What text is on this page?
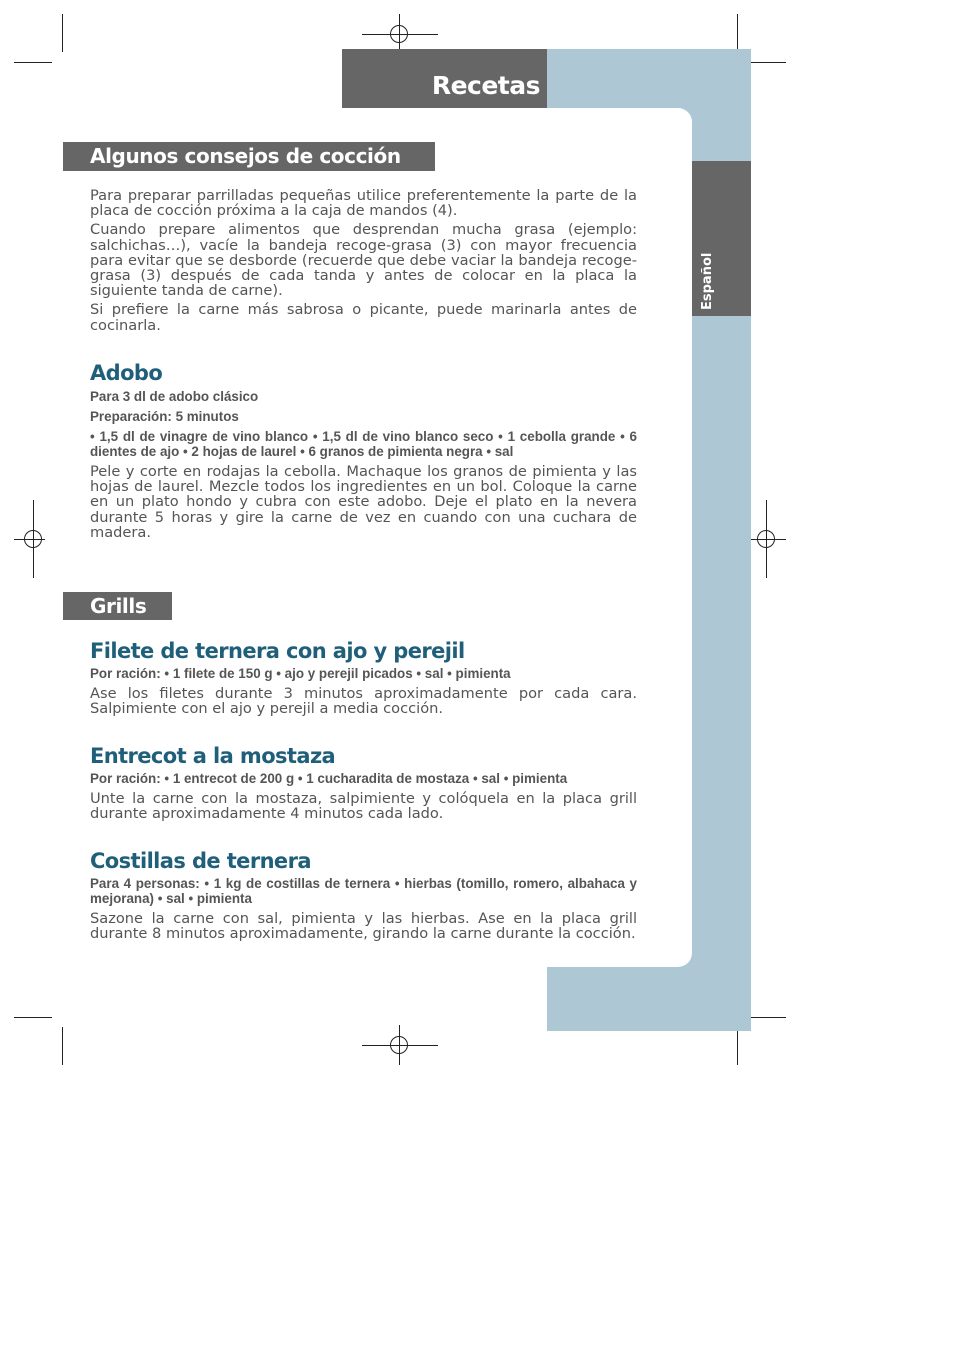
Recetas
Español
Algunos consejos de cocción

Para preparar parrilladas pequeñas utilice preferentemente la parte de la placa de cocción próxima a la caja de mandos (4).

Cuando prepare alimentos que desprendan mucha grasa (ejemplo: salchichas…), vacíe la bandeja recoge-grasa (3) con mayor frecuencia para evitar que se desborde (recuerde que debe vaciar la bandeja recoge-grasa (3) después de cada tanda y antes de colocar en la placa la siguiente tanda de carne).

Si prefiere la carne más sabrosa o picante, puede marinarla antes de cocinarla.

Adobo
Para 3 dl de adobo clásico
Preparación: 5 minutos
• 1,5 dl de vinagre de vino blanco • 1,5 dl de vino blanco seco • 1 cebolla grande • 6 dientes de ajo • 2 hojas de laurel • 6 granos de pimienta negra • sal
Pele y corte en rodajas la cebolla. Machaque los granos de pimienta y las hojas de laurel. Mezcle todos los ingredientes en un bol. Coloque la carne en un plato hondo y cubra con este adobo. Deje el plato en la nevera durante 5 horas y gire la carne de vez en cuando con una cuchara de madera.
Grills
Filete de ternera con ajo y perejil
Por ración: • 1 filete de 150 g • ajo y perejil picados • sal • pimienta
Ase los filetes durante 3 minutos aproximadamente por cada cara. Salpimiente con el ajo y perejil a media cocción.
Entrecot a la mostaza
Por ración: • 1 entrecot de 200 g • 1 cucharadita de mostaza • sal • pimienta
Unte la carne con la mostaza, salpimiente y colóquela en la placa grill durante aproximadamente 4 minutos cada lado.
Costillas de ternera
Para 4 personas: • 1 kg de costillas de ternera • hierbas (tomillo, romero, albahaca y mejorana) • sal • pimienta
Sazone la carne con sal, pimienta y las hierbas. Ase en la placa grill durante 8 minutos aproximadamente, girando la carne durante la cocción.
